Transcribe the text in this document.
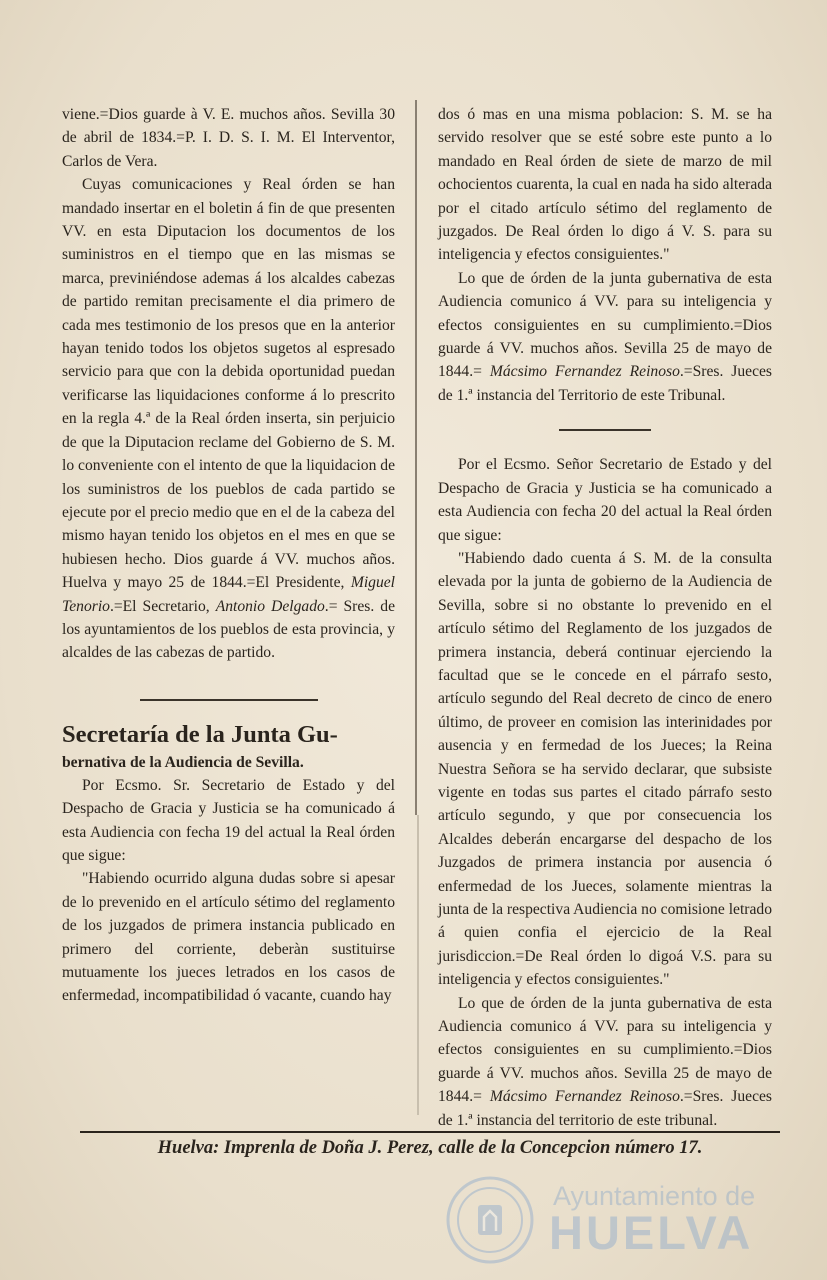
viene.=Dios guarde à V. E. muchos años. Sevilla 30 de abril de 1834.=P. I. D. S. I. M. El Interventor, Carlos de Vera.

Cuyas comunicaciones y Real órden se han mandado insertar en el boletin á fin de que presenten VV. en esta Diputacion los documentos de los suministros en el tiempo que en las mismas se marca, previniéndose ademas á los alcaldes cabezas de partido remitan precisamente el dia primero de cada mes testimonio de los presos que en la anterior hayan tenido todos los objetos sugetos al espresado servicio para que con la debida oportunidad puedan verificarse las liquidaciones conforme á lo prescrito en la regla 4.ª de la Real órden inserta, sin perjuicio de que la Diputacion reclame del Gobierno de S. M. lo conveniente con el intento de que la liquidacion de los suministros de los pueblos de cada partido se ejecute por el precio medio que en el de la cabeza del mismo hayan tenido los objetos en el mes en que se hubiesen hecho. Dios guarde á VV. muchos años. Huelva y mayo 25 de 1844.=El Presidente, Miguel Tenorio.=El Secretario, Antonio Delgado.= Sres. de los ayuntamientos de los pueblos de esta provincia, y alcaldes de las cabezas de partido.

Secretaría de la Junta Gu-

bernativa de la Audiencia de Sevilla.

Por Ecsmo. Sr. Secretario de Estado y del Despacho de Gracia y Justicia se ha comunicado á esta Audiencia con fecha 19 del actual la Real órden que sigue:

"Habiendo ocurrido alguna dudas sobre si apesar de lo prevenido en el artículo sétimo del reglamento de los juzgados de primera instancia publicado en primero del corriente, deberàn sustituirse mutuamente los jueces letrados en los casos de enfermedad, incompatibilidad ó vacante, cuando hay

dos ó mas en una misma poblacion: S. M. se ha servido resolver que se esté sobre este punto a lo mandado en Real órden de siete de marzo de mil ochocientos cuarenta, la cual en nada ha sido alterada por el citado artículo sétimo del reglamento de juzgados. De Real órden lo digo á V. S. para su inteligencia y efectos consiguientes."

Lo que de órden de la junta gubernativa de esta Audiencia comunico á VV. para su inteligencia y efectos consiguientes en su cumplimiento.=Dios guarde á VV. muchos años. Sevilla 25 de mayo de 1844.= Mácsimo Fernandez Reinoso.=Sres. Jueces de 1.ª instancia del Territorio de este Tribunal.

Por el Ecsmo. Señor Secretario de Estado y del Despacho de Gracia y Justicia se ha comunicado a esta Audiencia con fecha 20 del actual la Real órden que sigue:

"Habiendo dado cuenta á S. M. de la consulta elevada por la junta de gobierno de la Audiencia de Sevilla, sobre si no obstante lo prevenido en el artículo sétimo del Reglamento de los juzgados de primera instancia, deberá continuar ejerciendo la facultad que se le concede en el párrafo sesto, artículo segundo del Real decreto de cinco de enero último, de proveer en comision las interinidades por ausencia y en fermedad de los Jueces; la Reina Nuestra Señora se ha servido declarar, que subsiste vigente en todas sus partes el citado párrafo sesto artículo segundo, y que por consecuencia los Alcaldes deberán encargarse del despacho de los Juzgados de primera instancia por ausencia ó enfermedad de los Jueces, solamente mientras la junta de la respectiva Audiencia no comisione letrado á quien confia el ejercicio de la Real jurisdiccion.=De Real órden lo digoá V.S. para su inteligencia y efectos consiguientes."

Lo que de órden de la junta gubernativa de esta Audiencia comunico á VV. para su inteligencia y efectos consiguientes en su cumplimiento.=Dios guarde á VV. muchos años. Sevilla 25 de mayo de 1844.= Mácsimo Fernandez Reinoso.=Sres. Jueces de 1.ª instancia del territorio de este tribunal.

Huelva: Imprenla de Doña J. Perez, calle de la Concepcion número 17.
Ayuntamiento de
HUELVA
